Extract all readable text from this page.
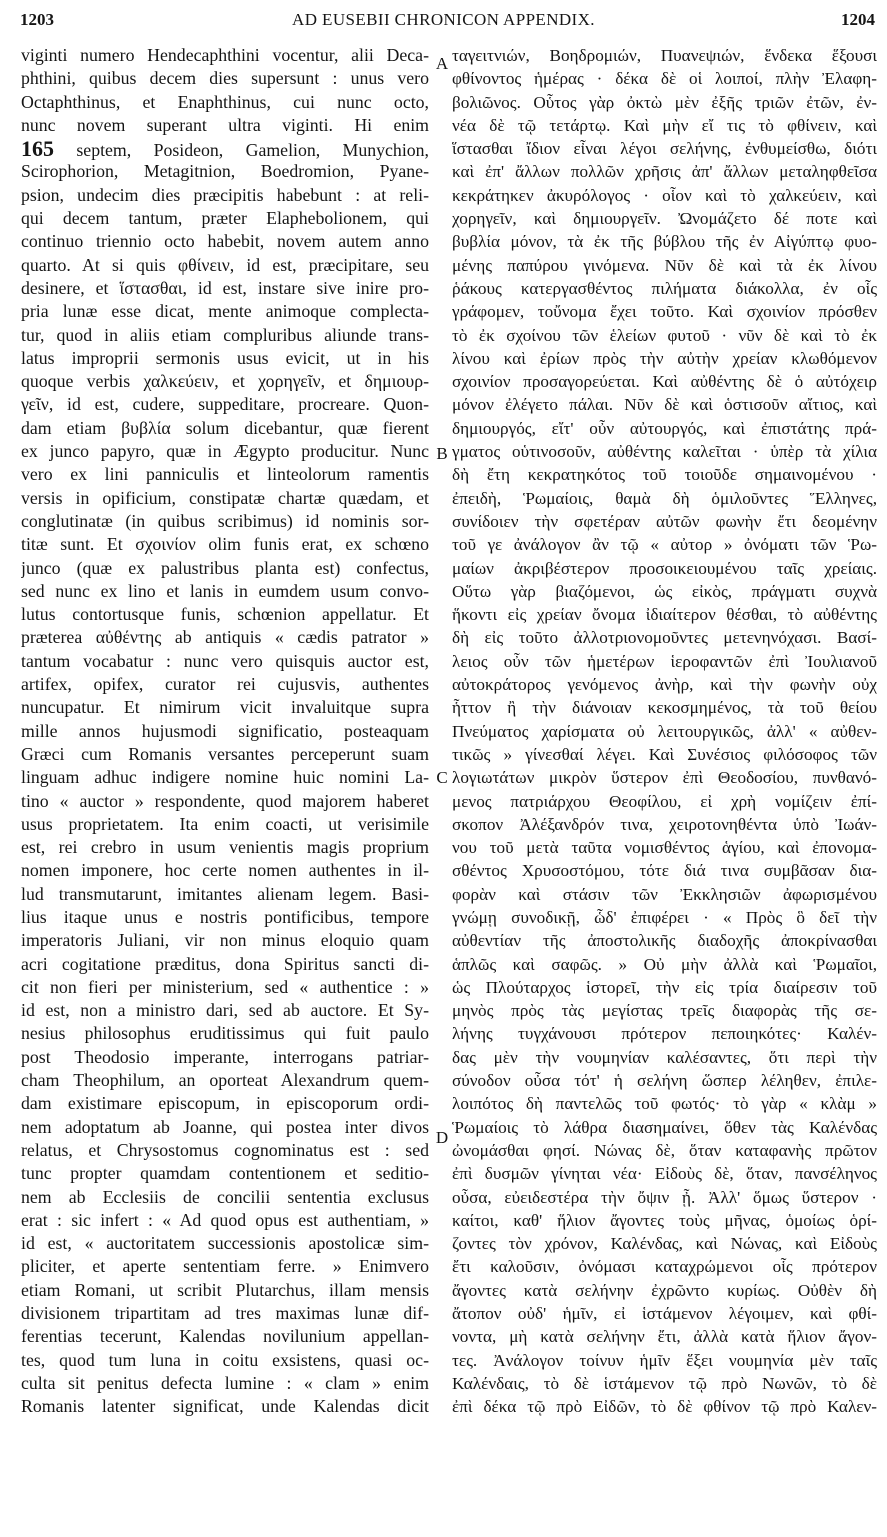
1203	AD EUSEBII CHRONICON APPENDIX.	1204
viginti numero Hendecaphthini vocentur, alii Deca-
phthini, quibus decem dies supersunt : unus vero
Octaphthinus, et Enaphthinus, cui nunc octo,
nunc novem superant ultra viginti. Hi enim
165 septem, Posideon, Gamelion, Munychion,
Scirophorion, Metagitnion, Boedromion, Pyane-
psion, undecim dies præcipitis habebunt : at reli-
qui decem tantum, præter Elaphebolionem, qui
continuo triennio octo habebit, novem autem anno
quarto. At si quis φθίνειν, id est, præcipitare, seu
desinere, et ἵστασθαι, id est, instare sive inire pro-
pria lunæ esse dicat, mente animoque complecta-
tur, quod in aliis etiam compluribus aliunde trans-
latus improprii sermonis usus evicit, ut in his
quoque verbis χαλκεύειν, et χορηγεῖν, et δημιουρ-
γεῖν, id est, cudere, suppeditare, procreare. Quon-
dam etiam βυβλία solum dicebantur, quæ fierent
ex junco papyro, quæ in Ægypto producitur. Nunc
vero ex lini panniculis et linteolorum ramentis
versis in opificium, constipatæ chartæ quædam, et
conglutinatæ (in quibus scribimus) id nominis sor-
titæ sunt. Et σχοινίον olim funis erat, ex schœno
junco (quæ ex palustribus planta est) confectus,
sed nunc ex lino et lanis in eumdem usum convo-
lutus contortusque funis, schœnion appellatur. Et
præterea αὐθέντης ab antiquis « cædis patrator »
tantum vocabatur : nunc vero quisquis auctor est,
artifex, opifex, curator rei cujusvis, authentes
nuncupatur. Et nimirum vicit invaluitque supra
mille annos hujusmodi significatio, posteaquam
Græci cum Romanis versantes perceperunt suam
linguam adhuc indigere nomine huic nomini La-
tino « auctor » respondente, quod majorem haberet
usus proprietatem. Ita enim coacti, ut verisimile
est, rei crebro in usum venientis magis proprium
nomen imponere, hoc certe nomen authentes in il-
lud transmutarunt, imitantes alienam legem. Basi-
lius itaque unus e nostris pontificibus, tempore
imperatoris Juliani, vir non minus eloquio quam
acri cogitatione præditus, dona Spiritus sancti di-
cit non fieri per ministerium, sed « authentice : »
id est, non a ministro dari, sed ab auctore. Et Sy-
nesius philosophus eruditissimus qui fuit paulo
post Theodosio imperante, interrogans patriar-
cham Theophilum, an oporteat Alexandrum quem-
dam existimare episcopum, in episcoporum ordi-
nem adoptatum ab Joanne, qui postea inter divos
relatus, et Chrysostomus cognominatus est : sed
tunc propter quamdam contentionem et seditio-
nem ab Ecclesiis de concilii sententia exclusus
erat : sic infert : « Ad quod opus est authentiam, »
id est, « auctoritatem successionis apostolicæ sim-
pliciter, et aperte sententiam ferre. » Enimvero
etiam Romani, ut scribit Plutarchus, illam mensis
divisionem tripartitam ad tres maximas lunæ dif-
ferentias tecerunt, Kalendas novilunium appellan-
tes, quod tum luna in coitu exsistens, quasi oc-
culta sit penitus defecta lumine : « clam » enim
Romanis latenter significat, unde Kalendas dicit
ταγειτνιών, Βοηδρομιών, Πυανεψιών, ἕνδεκα ἕξουσι
φθίνοντος ἡμέρας · δέκα δὲ οἱ λοιποί, πλὴν Ἐλαφη-
βολιῶνος. Οὗτος γὰρ ὀκτὼ μὲν ἐξῆς τριῶν ἐτῶν, ἐν-
νέα δὲ τῷ τετάρτῳ. Καὶ μὴν εἴ τις τὸ φθίνειν, καὶ
ἵστασθαι ἴδιον εἶναι λέγοι σελήνης, ἐνθυμείσθω, διότι
καὶ ἐπ' ἄλλων πολλῶν χρῆσις ἀπ' ἄλλων μεταληφθεῖσα
κεκράτηκεν ἀκυρόλογος · οἷον καὶ τὸ χαλκεύειν, καὶ
χορηγεῖν, καὶ δημιουργεῖν. Ὠνομάζετο δέ ποτε καὶ
βυβλία μόνον, τὰ ἐκ τῆς βύβλου τῆς ἐν Αἰγύπτῳ φυο-
μένης παπύρου γινόμενα. Νῦν δὲ καὶ τὰ ἐκ λίνου
ῥάκους κατεργασθέντος πιλήματα διάκολλα, ἐν οἷς
γράφομεν, τοὔνομα ἔχει τοῦτο. Καὶ σχοινίον πρόσθεν
τὸ ἐκ σχοίνου τῶν ἑλείων φυτοῦ · νῦν δὲ καὶ τὸ ἐκ
λίνου καὶ ἐρίων πρὸς τὴν αὐτὴν χρείαν κλωθόμενον
σχοινίον προσαγορεύεται. Καὶ αὐθέντης δὲ ὁ αὐτόχειρ
μόνον ἐλέγετο πάλαι. Νῦν δὲ καὶ ὁστισοῦν αἴτιος, καὶ
δημιουργός, εἴτ' οὖν αὐτουργός, καὶ ἐπιστάτης πρά-
γματος οὑτινοσοῦν, αὐθέντης καλεῖται · ὑπὲρ τὰ χίλια
δὴ ἔτη κεκρατηκότος τοῦ τοιοῦδε σημαινομένου ·
ἐπειδὴ, Ῥωμαίοις, θαμὰ δὴ ὁμιλοῦντες Ἕλληνες,
συνίδοιεν τὴν σφετέραν αὐτῶν φωνὴν ἔτι δεομένην
τοῦ γε ἀνάλογον ἂν τῷ « αὐτορ » ὀνόματι τῶν Ῥω-
μαίων ἀκριβέστερον προσοικειουμένου ταῖς χρείαις.
Οὕτω γὰρ βιαζόμενοι, ὡς εἰκὸς, πράγματι συχνὰ
ἥκοντι εἰς χρείαν ὄνομα ἰδιαίτερον θέσθαι, τὸ αὐθέντης
δὴ εἰς τοῦτο ἀλλοτριονομοῦντες μετενηνόχασι. Βασί-
λειος οὖν τῶν ἡμετέρων ἱεροφαντῶν ἐπὶ Ἰουλιανοῦ
αὐτοκράτορος γενόμενος ἀνὴρ, καὶ τὴν φωνὴν οὐχ
ἧττον ἢ τὴν διάνοιαν κεκοσμημένος, τὰ τοῦ θείου
Πνεύματος χαρίσματα οὐ λειτουργικῶς, ἀλλ' « αὐθεν-
τικῶς » γίνεσθαί λέγει. Καὶ Συνέσιος φιλόσοφος τῶν
λογιωτάτων μικρὸν ὕστερον ἐπὶ Θεοδοσίου, πυνθανό-
μενος πατριάρχου Θεοφίλου, εἰ χρὴ νομίζειν ἐπί-
σκοπον Ἀλέξανδρόν τινα, χειροτονηθέντα ὑπὸ Ἰωάν-
νου τοῦ μετὰ ταῦτα νομισθέντος ἁγίου, καὶ ἐπονομα-
σθέντος Χρυσοστόμου, τότε διά τινα συμβᾶσαν δια-
φορὰν καὶ στάσιν τῶν Ἐκκλησιῶν ἀφωρισμένου
γνώμῃ συνοδικῇ, ὧδ' ἐπιφέρει · « Πρὸς ὃ δεῖ τὴν
αὐθεντίαν τῆς ἀποστολικῆς διαδοχῆς ἀποκρίνασθαι
ἁπλῶς καὶ σαφῶς. » Οὐ μὴν ἀλλὰ καὶ Ῥωμαῖοι,
ὡς Πλούταρχος ἱστορεῖ, τὴν εἰς τρία διαίρεσιν τοῦ
μηνὸς πρὸς τὰς μεγίστας τρεῖς διαφορὰς τῆς σε-
λήνης τυγχάνουσι πρότερον πεποιηκότες· Καλέν-
δας μὲν τὴν νουμηνίαν καλέσαντες, ὅτι περὶ τὴν
σύνοδον οὖσα τότ' ἡ σελήνη ὥσπερ λέληθεν, ἐπιλε-
λοιπότος δὴ παντελῶς τοῦ φωτός· τὸ γὰρ « κλὰμ »
Ῥωμαίοις τὸ λάθρα διασημαίνει, ὅθεν τὰς Καλένδας
ὠνομάσθαι φησί. Νώνας δὲ, ὅταν καταφανὴς πρῶτον
ἐπὶ δυσμῶν γίνηται νέα· Εἰδοὺς δὲ, ὅταν, πανσέληνος
οὖσα, εὐειδεστέρα τὴν ὄψιν ᾖ. Ἀλλ' ὅμως ὕστερον ·
καίτοι, καθ' ἥλιον ἄγοντες τοὺς μῆνας, ὁμοίως ὁρί-
ζοντες τὸν χρόνον, Καλένδας, καὶ Νώνας, καὶ Εἰδοὺς
ἔτι καλοῦσιν, ὀνόμασι καταχρώμενοι οἷς πρότερον
ἄγοντες κατὰ σελήνην ἐχρῶντο κυρίως. Οὐθὲν δὴ
ἄτοπον οὐδ' ἡμῖν, εἰ ἱστάμενον λέγοιμεν, καὶ φθί-
νοντα, μὴ κατὰ σελήνην ἔτι, ἀλλὰ κατὰ ἥλιον ἄγον-
τες. Ἀνάλογον τοίνυν ἡμῖν ἕξει νουμηνία μὲν ταῖς
Καλένδαις, τὸ δὲ ἱστάμενον τῷ πρὸ Νωνῶν, τὸ δὲ
ἐπὶ δέκα τῷ πρὸ Εἰδῶν, τὸ δὲ φθίνον τῷ πρὸ Καλεν-
A
B
C
D
